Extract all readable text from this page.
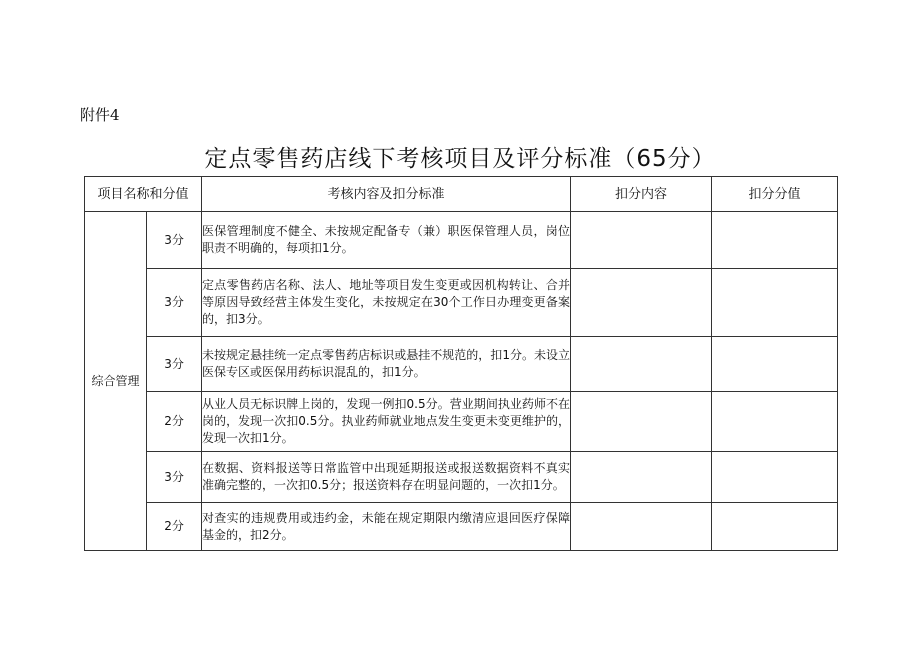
附件4
定点零售药店线下考核项目及评分标准（65分）
项目名称和分值		考核内容及扣分标准	扣分内容	扣分分值
综合管理	3分	医保管理制度不健全、未按规定配备专（兼）职医保管理人员，岗位职责不明确的，每项扣1分。		
	3分	定点零售药店名称、法人、地址等项目发生变更或因机构转让、合并等原因导致经营主体发生变化，未按规定在30个工作日办理变更备案的，扣3分。		
	3分	未按规定悬挂统一定点零售药店标识或悬挂不规范的，扣1分。未设立医保专区或医保用药标识混乱的，扣1分。		
	2分	从业人员无标识牌上岗的，发现一例扣0.5分。营业期间执业药师不在岗的，发现一次扣0.5分。执业药师就业地点发生变更未变更维护的，发现一次扣1分。		
	3分	在数据、资料报送等日常监管中出现延期报送或报送数据资料不真实准确完整的，一次扣0.5分；报送资料存在明显问题的，一次扣1分。		
	2分	对查实的违规费用或违约金，未能在规定期限内缴清应退回医疗保障基金的，扣2分。		
